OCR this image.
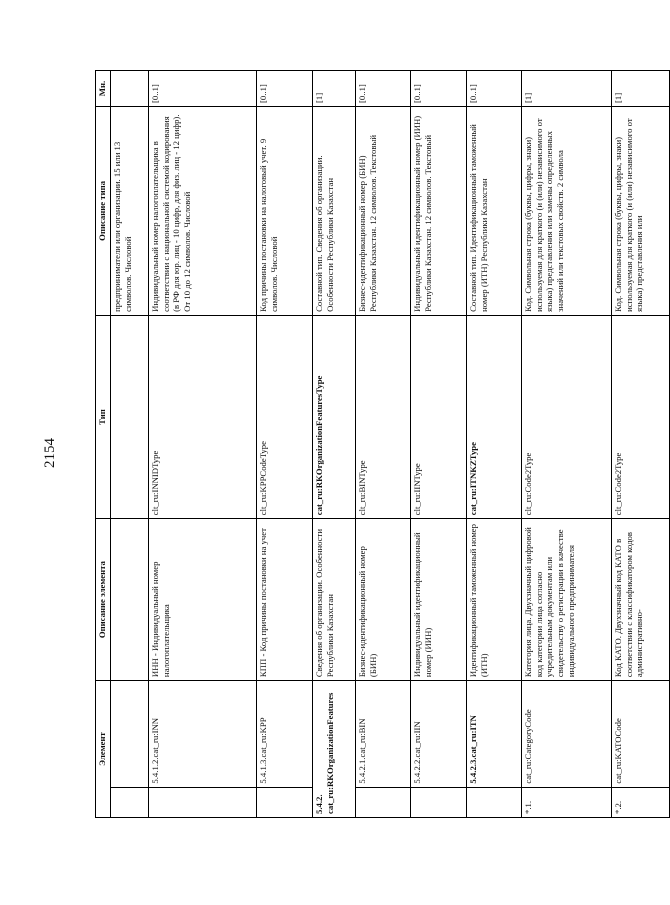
2154
Элемент		Описание элемента	Тип	Описание типа	Мн.
				предприниматели или организации. 15 или 13 символов. Числовой	
	5.4.1.2.cat_ru:INN	ИНН - Индивидуальный номер налогоплательщика	clt_ru:INNIDType	Индивидуальный номер налогоплательщика в соответствии с национальной системой кодирования (в РФ для юр. лиц - 10 цифр, для физ. лиц - 12 цифр). От 10 до 12 символов. Числовой	[0..1]
	5.4.1.3.cat_ru:KPP	КПП - Код причины постановки на учет	clt_ru:KPPCodeType	Код причины постановки на налоговый учет. 9 символов. Числовой	[0..1]
5.4.2.cat_ru:RKOrganizationFeatures		Сведения об организации. Особенности Республики Казахстан	cat_ru:RKOrganizationFeaturesType	Составной тип. Сведения об организации. Особенности Республики Казахстан	[1]
	5.4.2.1.cat_ru:BIN	Бизнес-идентификационный номер (БИН)	clt_ru:BINType	Бизнес-идентификационный номер (БИН) Республики Казахстан. 12 символов. Текстовый	[0..1]
	5.4.2.2.cat_ru:IIN	Индивидуальный идентификационный номер (ИИН)	clt_ru:IINType	Индивидуальный идентификационный номер (ИИН) Республики Казахстан. 12 символов. Текстовый	[0..1]
	5.4.2.3.cat_ru:ITN	Идентификационный таможенный номер (ИТН)	cat_ru:ITNKZType	Составной тип. Идентификационный таможенный номер (ИТН) Республики Казахстан	[0..1]
*.1.	cat_ru:CategoryCode	Категория лица. Двухзначный цифровой код категории лица согласно учредительным документам или свидетельству о регистрации в качестве индивидуального предпринимателя	clt_ru:Code2Type	Код. Символьная строка (буквы, цифры, знаки) используемая для краткого (и (или) независимого от языка) представления или замены определенных значений или текстовых свойств. 2 символа	[1]
*.2.	cat_ru:KATOCode	Код КАТО. Двухзначный код КАТО в соответствии с классификатором кодов административно-	clt_ru:Code2Type	Код. Символьная строка (буквы, цифры, знаки) используемая для краткого (и (или) независимого от языка) представления или	[1]
